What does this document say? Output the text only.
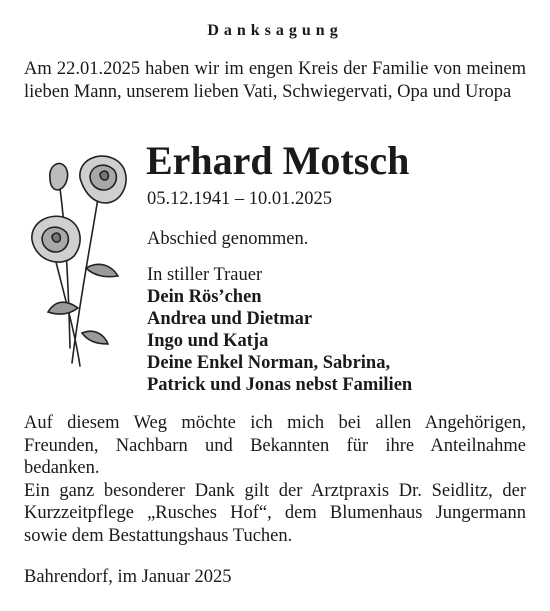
Danksagung
Am 22.01.2025 haben wir im engen Kreis der Familie von meinem lieben Mann, unserem lieben Vati, Schwiegervati, Opa und Uropa
Erhard Motsch
05.12.1941 – 10.01.2025
Abschied genommen.
In stiller Trauer
Dein Rös’chen
Andrea und Dietmar
Ingo und Katja
Deine Enkel Norman, Sabrina,
Patrick und Jonas nebst Familien

Auf diesem Weg möchte ich mich bei allen Angehörigen, Freunden, Nachbarn und Bekannten für ihre Anteilnahme bedanken.

Ein ganz besonderer Dank gilt der Arztpraxis Dr. Seidlitz, der Kurzzeitpflege „Rusches Hof“, dem Blumenhaus Jungermann sowie dem Bestattungshaus Tuchen.

Bahrendorf, im Januar 2025
